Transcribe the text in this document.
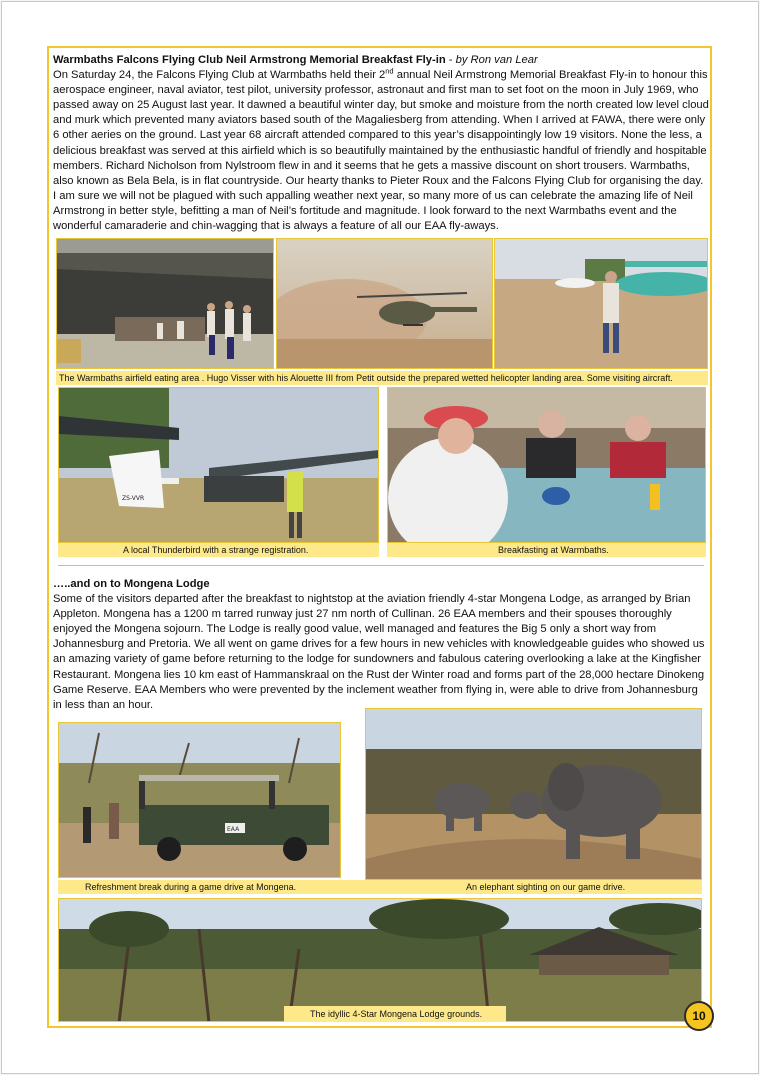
Warmbaths Falcons Flying Club Neil Armstrong Memorial Breakfast Fly-in - by Ron van Lear
On Saturday 24, the Falcons Flying Club at Warmbaths held their 2nd annual Neil Armstrong Memorial Breakfast Fly-in to honour this aerospace engineer, naval aviator, test pilot, university professor, astronaut and first man to set foot on the moon in July 1969, who passed away on 25 August last year. It dawned a beautiful winter day, but smoke and moisture from the north created low level cloud and murk which prevented many aviators based south of the Magaliesberg from attending. When I arrived at FAWA, there were only 6 other aeries on the ground. Last year 68 aircraft attended compared to this year’s disappointingly low 19 visitors. None the less, a delicious breakfast was served at this airfield which is so beautifully maintained by the enthusiastic handful of friendly and hospitable members. Richard Nicholson from Nylstroom flew in and it seems that he gets a massive discount on short trousers. Warmbaths, also known as Bela Bela, is in flat countryside. Our hearty thanks to Pieter Roux and the Falcons Flying Club for organising the day. I am sure we will not be plagued with such appalling weather next year, so many more of us can celebrate the amazing life of Neil Armstrong in better style, befitting a man of Neil’s fortitude and magnitude. I look forward to the next Warmbaths event and the wonderful camaraderie and chin-wagging that is always a feature of all our EAA fly-aways.

The Warmbaths airfield eating area . Hugo Visser with his Alouette III from Petit outside the prepared wetted helicopter landing area. Some visiting aircraft.
ZS-VVR
A local Thunderbird with a strange registration.	Breakfasting at Warmbaths.

…..and on to Mongena Lodge
Some of the visitors departed after the breakfast to nightstop at the aviation friendly 4-star Mongena Lodge, as arranged by Brian Appleton. Mongena has a 1200 m tarred runway just 27 nm north of Cullinan. 26 EAA members and their spouses thoroughly enjoyed the Mongena sojourn. The Lodge is really good value, well managed and features the Big 5 only a short way from Johannesburg and Pretoria. We all went on game drives for a few hours in new vehicles with knowledgeable guides who showed us an amazing variety of game before returning to the lodge for sundowners and fabulous catering overlooking a lake at the Kingfisher Restaurant. Mongena lies 10 km east of Hammanskraal on the Rust der Winter road and forms part of the 28,000 hectare Dinokeng Game Reserve. EAA Members who were prevented by the inclement weather from flying in, were able to drive from Johannesburg in less than an hour.

EAA
Refreshment break during a game drive at Mongena.	An elephant sighting on our game drive.
The idyllic 4-Star Mongena Lodge grounds.	10
